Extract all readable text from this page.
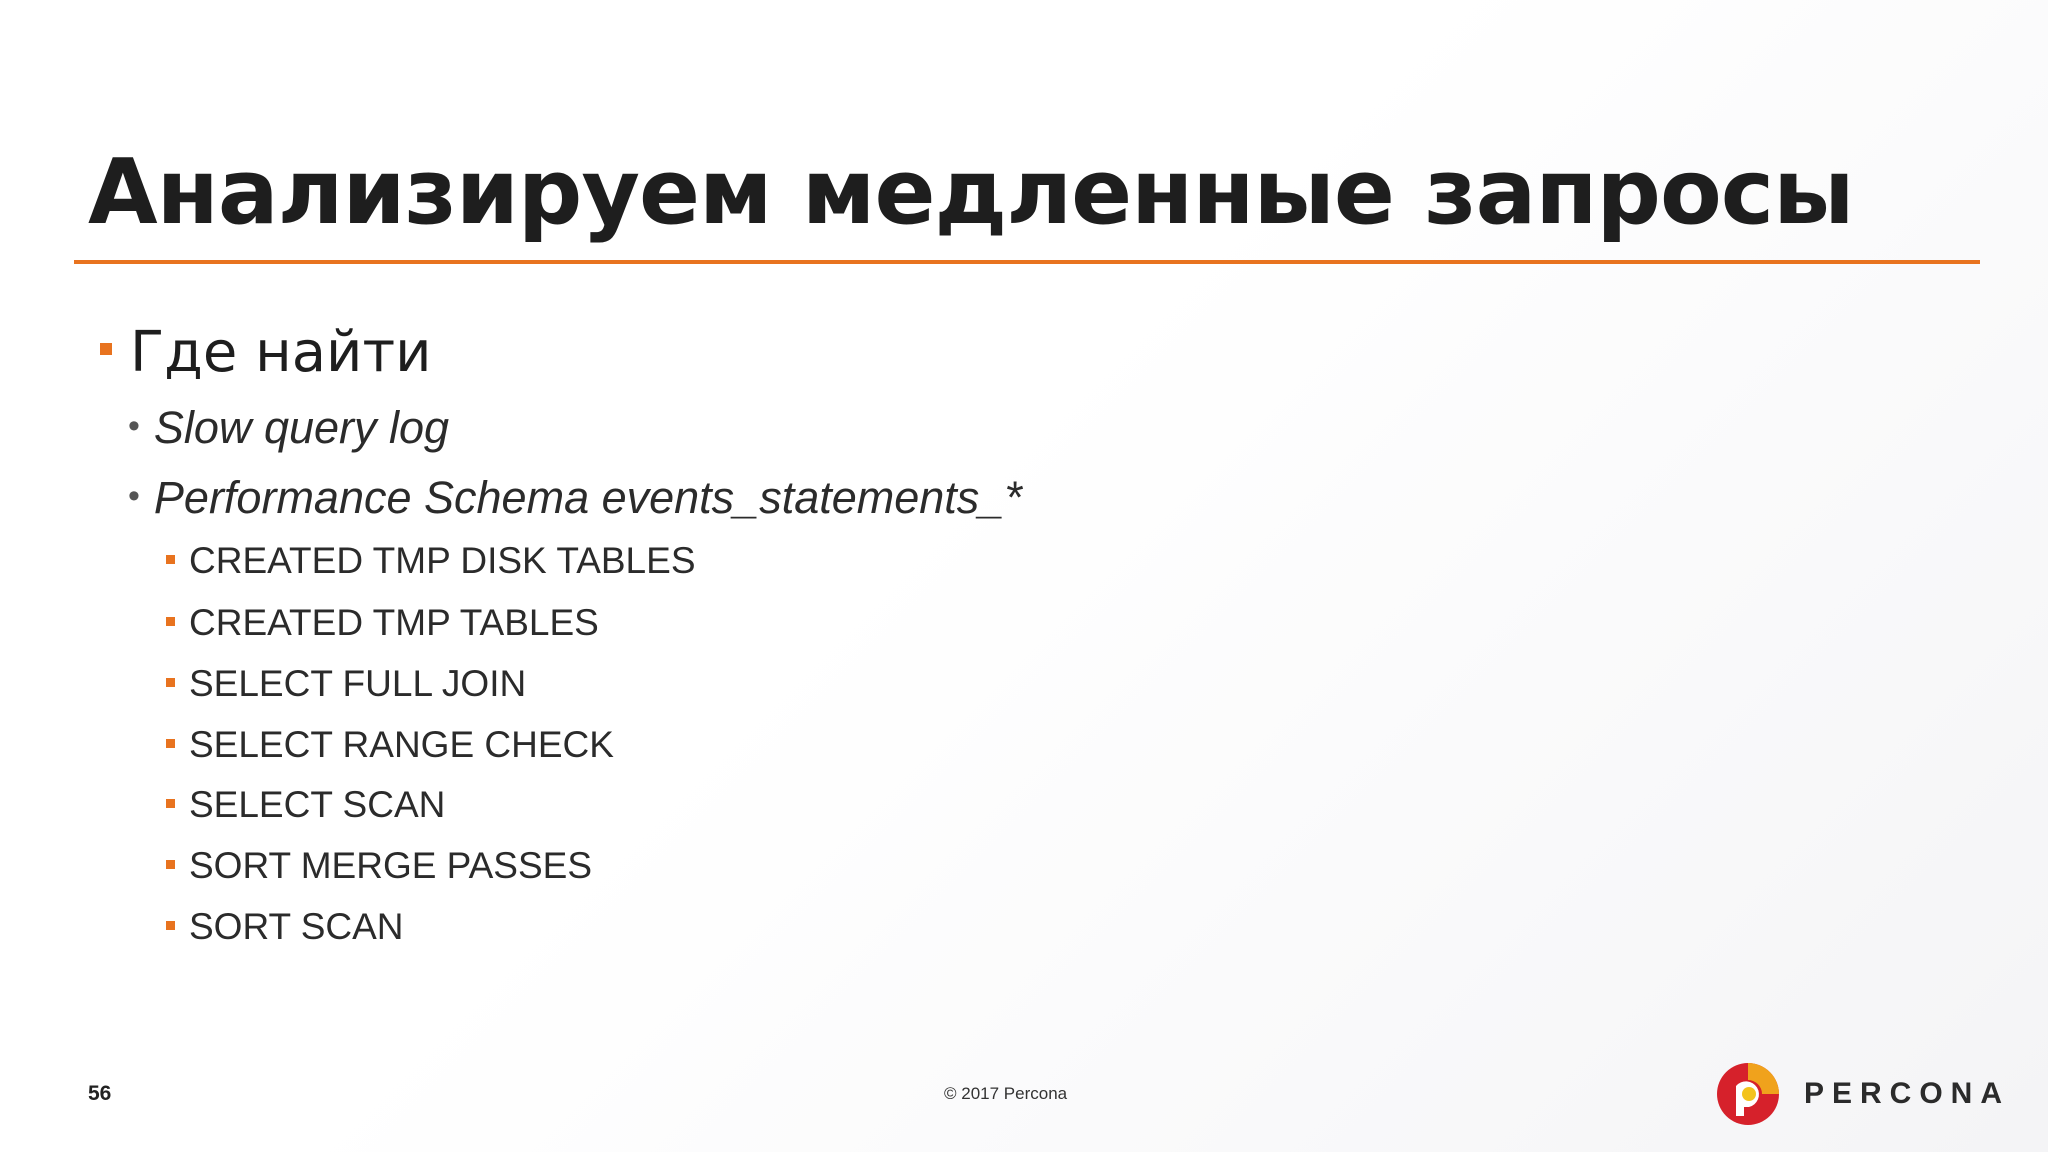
Анализируем медленные запросы
Где найти
• Slow query log
• Performance Schema events_statements_*
CREATED TMP DISK TABLES
CREATED TMP TABLES
SELECT FULL JOIN
SELECT RANGE CHECK
SELECT SCAN
SORT MERGE PASSES
SORT SCAN
56	© 2017 Percona	PERCONA
